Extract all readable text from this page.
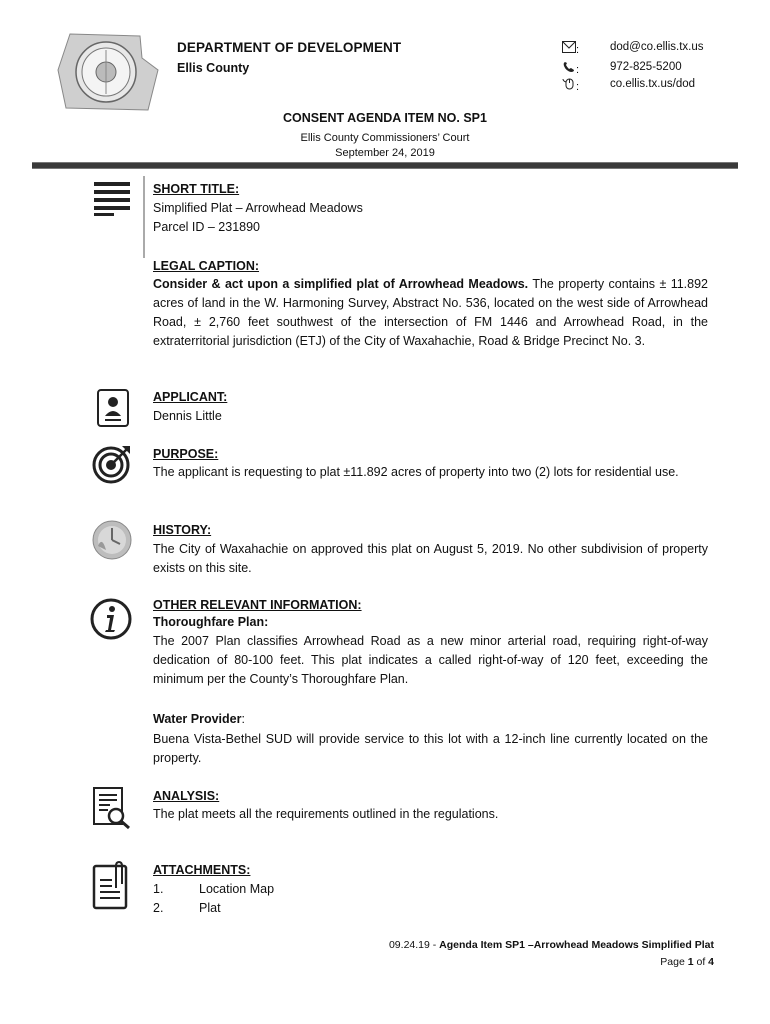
DEPARTMENT OF DEVELOPMENT
Ellis County
:	dod@co.ellis.tx.us
:	972-825-5200
:	co.ellis.tx.us/dod
CONSENT AGENDA ITEM NO. SP1
Ellis County Commissioners’ Court
September 24, 2019
SHORT TITLE:
Simplified Plat – Arrowhead Meadows
Parcel ID – 231890
LEGAL CAPTION:
Consider & act upon a simplified plat of Arrowhead Meadows. The property contains ± 11.892 acres of land in the W. Harmoning Survey, Abstract No. 536, located on the west side of Arrowhead Road, ± 2,760 feet southwest of the intersection of FM 1446 and Arrowhead Road, in the extraterritorial jurisdiction (ETJ) of the City of Waxahachie, Road & Bridge Precinct No. 3.
APPLICANT:
Dennis Little
PURPOSE:
The applicant is requesting to plat ±11.892 acres of property into two (2) lots for residential use.
HISTORY:
The City of Waxahachie on approved this plat on August 5, 2019. No other subdivision of property exists on this site.
OTHER RELEVANT INFORMATION:
Thoroughfare Plan:
The 2007 Plan classifies Arrowhead Road as a new minor arterial road, requiring right-of-way dedication of 80-100 feet. This plat indicates a called right-of-way of 120 feet, exceeding the minimum per the County’s Thoroughfare Plan.
Water Provider:
Buena Vista-Bethel SUD will provide service to this lot with a 12-inch line currently located on the property.
ANALYSIS:
The plat meets all the requirements outlined in the regulations.
ATTACHMENTS:
1.	Location Map
2.	Plat
09.24.19 - Agenda Item SP1 –Arrowhead Meadows Simplified Plat
Page 1 of 4
